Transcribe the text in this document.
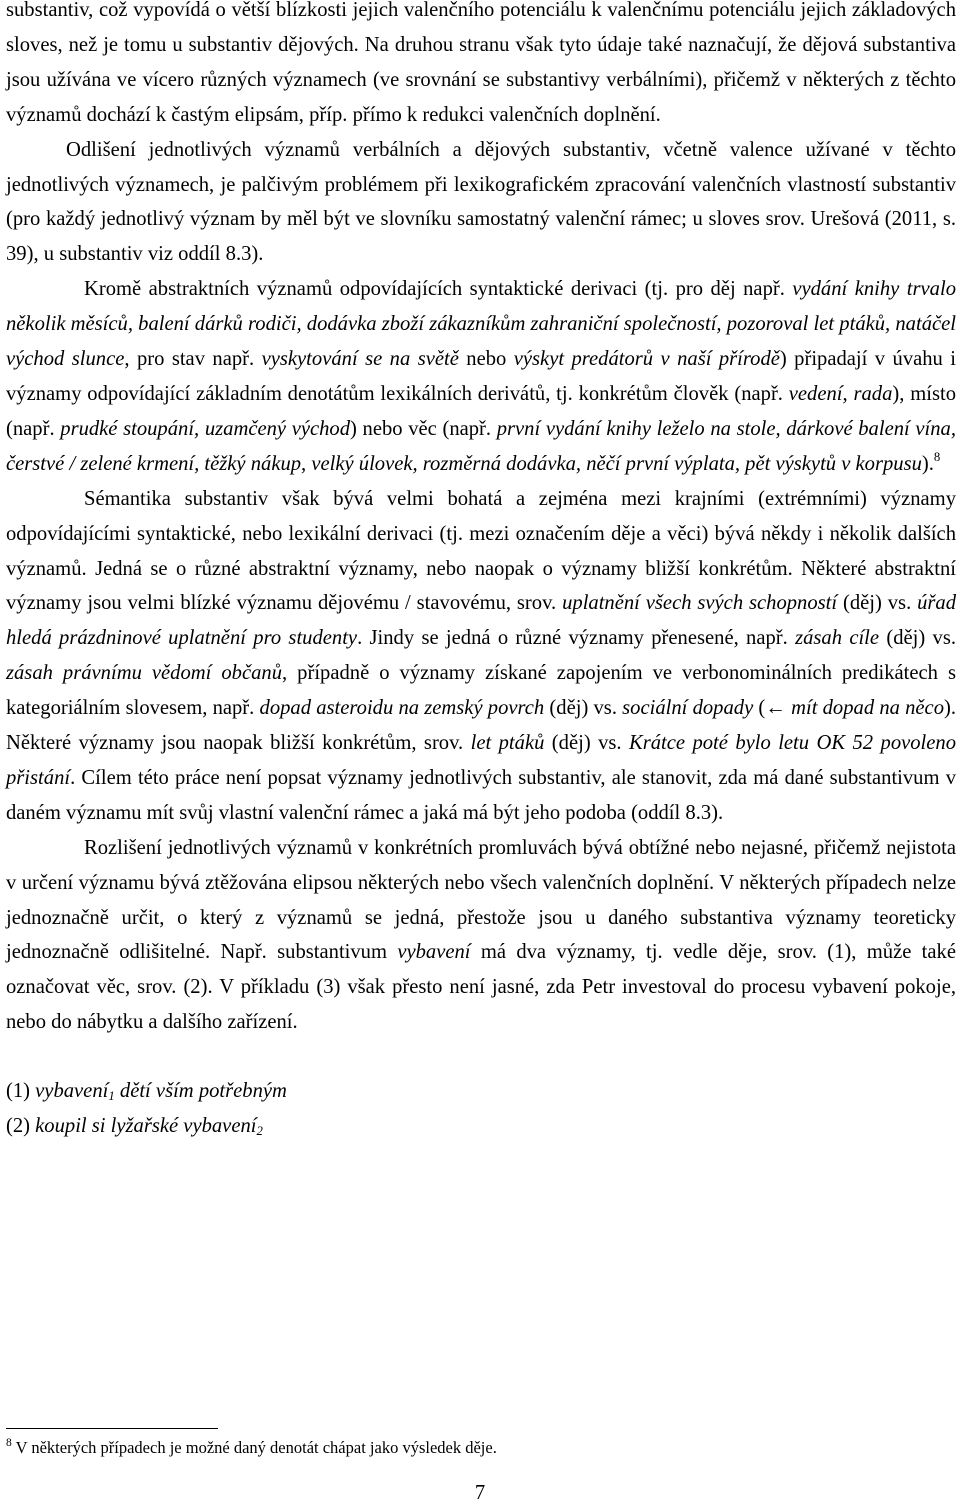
substantiv, což vypovídá o větší blízkosti jejich valenčního potenciálu k valenčnímu potenciálu jejich základových sloves, než je tomu u substantiv dějových. Na druhou stranu však tyto údaje také naznačují, že dějová substantiva jsou užívána ve vícero různých významech (ve srovnání se substantivy verbálními), přičemž v některých z těchto významů dochází k častým elipsám, příp. přímo k redukci valenčních doplnění.

Odlišení jednotlivých významů verbálních a dějových substantiv, včetně valence užívané v těchto jednotlivých významech, je palčivým problémem při lexikografickém zpracování valenčních vlastností substantiv (pro každý jednotlivý význam by měl být ve slovníku samostatný valenční rámec; u sloves srov. Urešová (2011, s. 39), u substantiv viz oddíl 8.3).

Kromě abstraktních významů odpovídajících syntaktické derivaci (tj. pro děj např. vydání knihy trvalo několik měsíců, balení dárků rodiči, dodávka zboží zákazníkům zahraniční společností, pozoroval let ptáků, natáčel východ slunce, pro stav např. vyskytování se na světě nebo výskyt predátorů v naší přírodě) připadají v úvahu i významy odpovídající základním denotátům lexikálních derivátů, tj. konkrétům člověk (např. vedení, rada), místo (např. prudké stoupání, uzamčený východ) nebo věc (např. první vydání knihy leželo na stole, dárkové balení vína, čerstvé / zelené krmení, těžký nákup, velký úlovek, rozměrná dodávka, něčí první výplata, pět výskytů v korpusu).$^8$

Sémantika substantiv však bývá velmi bohatá a zejména mezi krajními (extrémními) významy odpovídajícími syntaktické, nebo lexikální derivaci (tj. mezi označením děje a věci) bývá někdy i několik dalších významů. Jedná se o různé abstraktní významy, nebo naopak o významy bližší konkrétům. Některé abstraktní významy jsou velmi blízké významu dějovému / stavovému, srov. uplatnění všech svých schopností (děj) vs. úřad hledá prázdninové uplatnění pro studenty. Jindy se jedná o různé významy přenesené, např. zásah cíle (děj) vs. zásah právnímu vědomí občanů, případně o významy získané zapojením ve verbonominálních predikátech s kategoriálním slovesem, např. dopad asteroidu na zemský povrch (děj) vs. sociální dopady (← mít dopad na něco). Některé významy jsou naopak bližší konkrétům, srov. let ptáků (děj) vs. Krátce poté bylo letu OK 52 povoleno přistání. Cílem této práce není popsat významy jednotlivých substantiv, ale stanovit, zda má dané substantivum v daném významu mít svůj vlastní valenční rámec a jaká má být jeho podoba (oddíl 8.3).

Rozlišení jednotlivých významů v konkrétních promluvách bývá obtížné nebo nejasné, přičemž nejistota v určení významu bývá ztěžována elipsou některých nebo všech valenčních doplnění. V některých případech nelze jednoznačně určit, o který z významů se jedná, přestože jsou u daného substantiva významy teoreticky jednoznačně odlišitelné. Např. substantivum vybavení má dva významy, tj. vedle děje, srov. (1), může také označovat věc, srov. (2). V příkladu (3) však přesto není jasné, zda Petr investoval do procesu vybavení pokoje, nebo do nábytku a dalšího zařízení.

(1) vybavení$_1$ dětí vším potřebným

(2) koupil si lyžařské vybavení$_2$

$^8$ V některých případech je možné daný denotát chápat jako výsledek děje.
7
